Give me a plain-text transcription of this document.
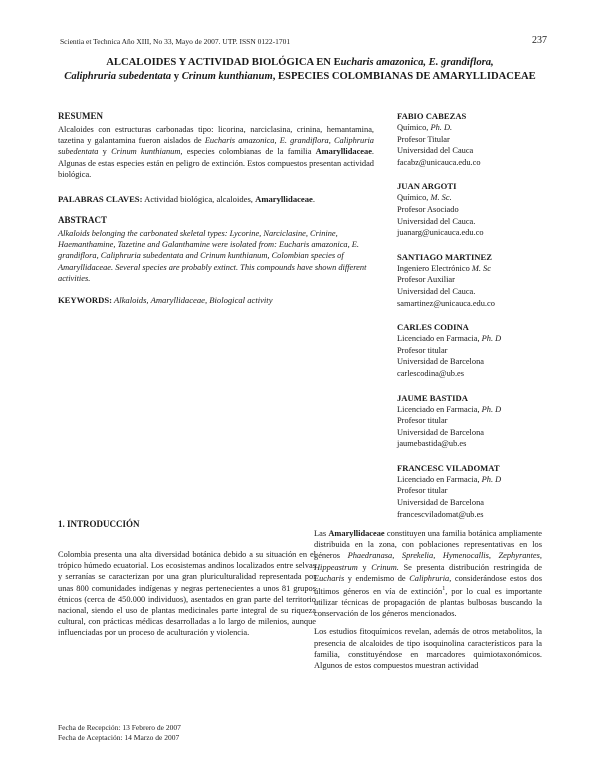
Scientia et Technica Año XIII, No 33, Mayo de 2007. UTP. ISSN 0122-1701	237
ALCALOIDES Y ACTIVIDAD BIOLÓGICA EN Eucharis amazonica, E. grandiflora,
Caliphruria subedentata y Crinum kunthianum, ESPECIES COLOMBIANAS DE AMARYLLIDACEAE
RESUMEN
Alcaloides con estructuras carbonadas tipo: licorina, narciclasina, crinina, hemantamina, tazetina y galantamina fueron aislados de Eucharis amazonica, E. grandiflora, Caliphruria subedentata y Crinum kunthianum, especies colombianas de la familia Amaryllidaceae. Algunas de estas especies están en peligro de extinción. Estos compuestos presentan actividad biológica.
PALABRAS CLAVES: Actividad biológica, alcaloides, Amaryllidaceae.
ABSTRACT
Alkaloids belonging the carbonated skeletal types: Lycorine, Narciclasine, Crinine, Haemanthamine, Tazetine and Galanthamine were isolated from: Eucharis amazonica, E. grandiflora, Caliphruria subedentata and Crinum kunthianum, Colombian species of Amaryllidaceae. Several species are probably extinct. This compounds have shown different activities.
KEYWORDS: Alkaloids, Amaryllidaceae, Biological activity
FABIO CABEZAS
Químico, Ph. D.
Profesor Titular
Universidad del Cauca
facabz@unicauca.edu.co
JUAN ARGOTI
Químico, M. Sc.
Profesor Asociado
Universidad del Cauca.
juanarg@unicauca.edu.co
SANTIAGO MARTINEZ
Ingeniero Electrónico M. Sc
Profesor Auxiliar
Universidad del Cauca.
samartinez@unicauca.edu.co
CARLES CODINA
Licenciado en Farmacia, Ph. D
Profesor titular
Universidad de Barcelona
carlescodina@ub.es
JAUME BASTIDA
Licenciado en Farmacia, Ph. D
Profesor titular
Universidad de Barcelona
jaumebastida@ub.es
FRANCESC VILADOMAT
Licenciado en Farmacia, Ph. D
Profesor titular
Universidad de Barcelona
francescviladomat@ub.es
1. INTRODUCCIÓN
Colombia presenta una alta diversidad botánica debido a su situación en el trópico húmedo ecuatorial. Los ecosistemas andinos localizados entre selvas y serranías se caracterizan por una gran pluriculturalidad representada por unas 800 comunidades indígenas y negras pertenecientes a unos 81 grupos étnicos (cerca de 450.000 individuos), asentados en gran parte del territorio nacional, siendo el uso de plantas medicinales parte integral de su riqueza cultural, con prácticas médicas desarrolladas a lo largo de milenios, aunque influenciadas por un proceso de aculturación y violencia.

Las Amaryllidaceae constituyen una familia botánica ampliamente distribuida en la zona, con poblaciones representativas en los géneros Phaedranasa, Sprekelia, Hymenocallis, Zephyrantes, Hippeastrum y Crinum. Se presenta distribución restringida de Eucharis y endemismo de Caliphruria, considerándose estos dos últimos géneros en vía de extinción$^1$, por lo cual es importante utilizar técnicas de propagación de plantas bulbosas buscando la conservación de los géneros mencionados.

Los estudios fitoquímicos revelan, además de otros metabolitos, la presencia de alcaloides de tipo isoquinolina característicos para la familia, constituyéndose en marcadores quimiotaxonómicos. Algunos de estos compuestos muestran actividad

Fecha de Recepción: 13 Febrero de 2007
Fecha de Aceptación: 14 Marzo de 2007
